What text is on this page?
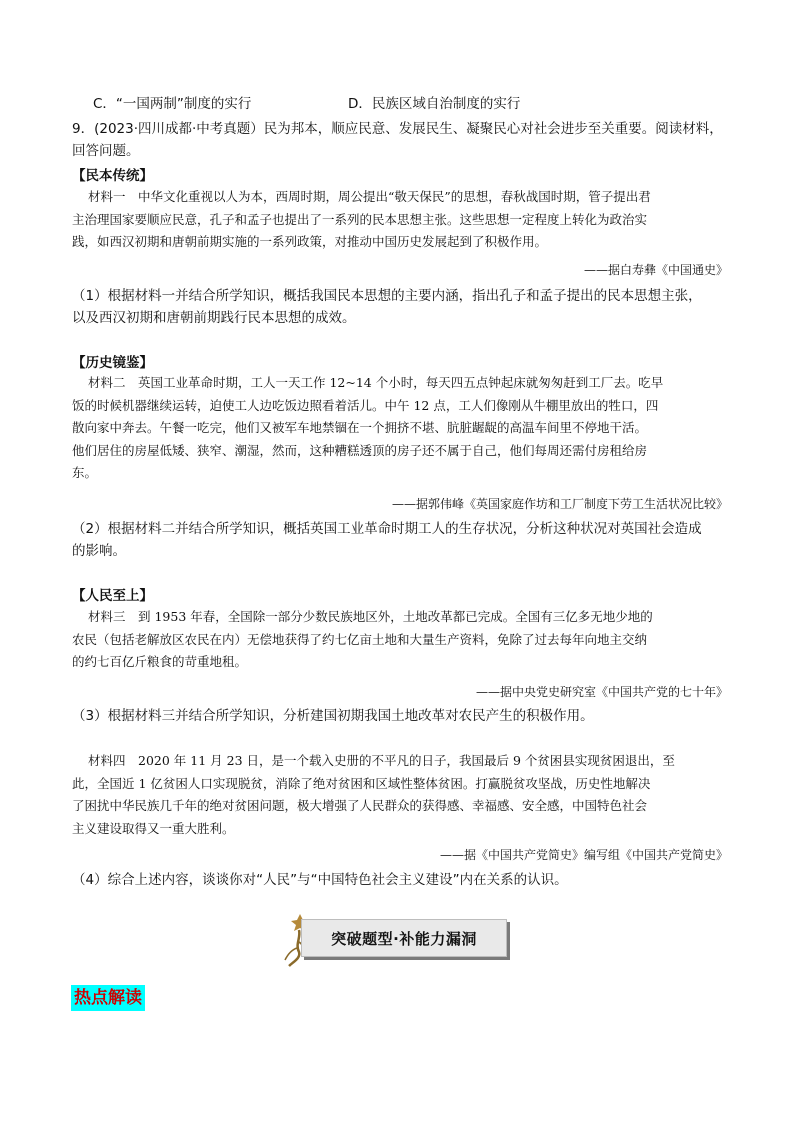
C．“一国两制”制度的实行	D．民族区域自治制度的实行
9．(2023·四川成都·中考真题）民为邦本，顺应民意、发展民生、凝聚民心对社会进步至关重要。阅读材料，
回答问题。
【民本传统】

材料一　中华文化重视以人为本，西周时期，周公提出“敬天保民”的思想，春秋战国时期，管子提出君

主治理国家要顺应民意，孔子和孟子也提出了一系列的民本思想主张。这些思想一定程度上转化为政治实

践，如西汉初期和唐朝前期实施的一系列政策，对推动中国历史发展起到了积极作用。

——据白寿彝《中国通史》

（1）根据材料一并结合所学知识，概括我国民本思想的主要内涵，指出孔子和孟子提出的民本思想主张，

以及西汉初期和唐朝前期践行民本思想的成效。

【历史镜鉴】

材料二　英国工业革命时期，工人一天工作 12~14 个小时，每天四五点钟起床就匆匆赶到工厂去。吃早

饭的时候机器继续运转，迫使工人边吃饭边照看着活儿。中午 12 点，工人们像刚从牛棚里放出的牲口，四

散向家中奔去。午餐一吃完，他们又被军车地禁锢在一个拥挤不堪、肮脏龌龊的高温车间里不停地干活。

他们居住的房屋低矮、狭窄、潮湿，然而，这种糟糕透顶的房子还不属于自己，他们每周还需付房租给房

东。

——据郭伟峰《英国家庭作坊和工厂制度下劳工生活状况比较》

（2）根据材料二并结合所学知识，概括英国工业革命时期工人的生存状况，分析这种状况对英国社会造成

的影响。

【人民至上】

材料三　到 1953 年春，全国除一部分少数民族地区外，土地改革都已完成。全国有三亿多无地少地的

农民（包括老解放区农民在内）无偿地获得了约七亿亩土地和大量生产资料，免除了过去每年向地主交纳

的约七百亿斤粮食的苛重地租。

——据中央党史研究室《中国共产党的七十年》

（3）根据材料三并结合所学知识，分析建国初期我国土地改革对农民产生的积极作用。

材料四　2020 年 11 月 23 日，是一个载入史册的不平凡的日子，我国最后 9 个贫困县实现贫困退出，至

此，全国近 1 亿贫困人口实现脱贫，消除了绝对贫困和区域性整体贫困。打赢脱贫攻坚战，历史性地解决

了困扰中华民族几千年的绝对贫困问题，极大增强了人民群众的获得感、幸福感、安全感，中国特色社会

主义建设取得又一重大胜利。

——据《中国共产党简史》编写组《中国共产党简史》

（4）综合上述内容，谈谈你对“人民”与“中国特色社会主义建设”内在关系的认识。

突破题型·补能力漏洞
热点解读
